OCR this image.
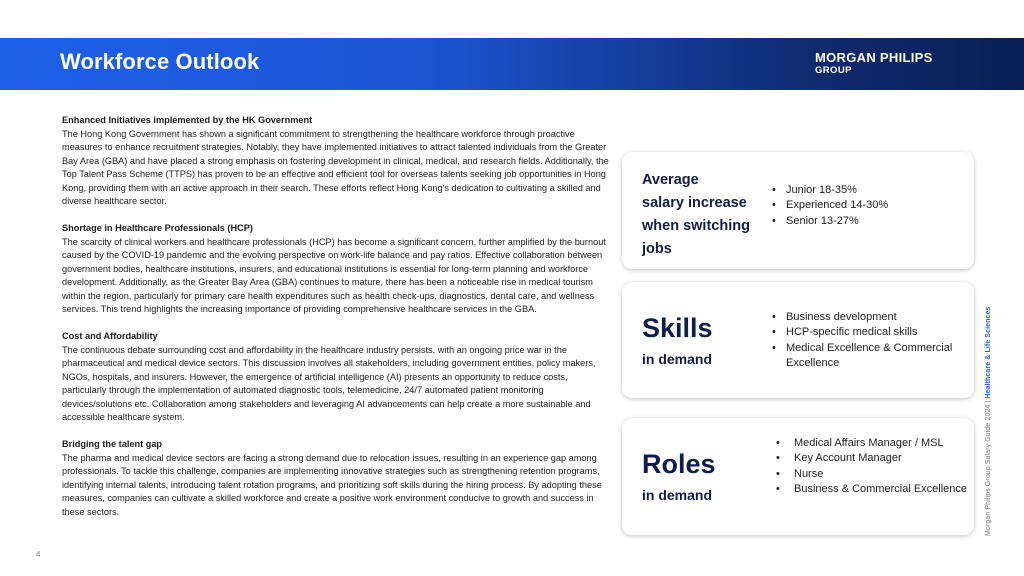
Workforce Outlook	MORGAN PHILIPS
GROUP
Enhanced Initiatives implemented by the HK Government
The Hong Kong Government has shown a significant commitment to strengthening the healthcare workforce through proactive measures to enhance recruitment strategies. Notably, they have implemented initiatives to attract talented individuals from the Greater Bay Area (GBA) and have placed a strong emphasis on fostering development in clinical, medical, and research fields. Additionally, the Top Talent Pass Scheme (TTPS) has proven to be an effective and efficient tool for overseas talents seeking job opportunities in Hong Kong, providing them with an active approach in their search. These efforts reflect Hong Kong's dedication to cultivating a skilled and diverse healthcare sector.
Shortage in Healthcare Professionals (HCP)
The scarcity of clinical workers and healthcare professionals (HCP) has become a significant concern, further amplified by the burnout caused by the COVID-19 pandemic and the evolving perspective on work-life balance and pay ratios. Effective collaboration between government bodies, healthcare institutions, insurers, and educational institutions is essential for long-term planning and workforce development. Additionally, as the Greater Bay Area (GBA) continues to mature, there has been a noticeable rise in medical tourism within the region, particularly for primary care health expenditures such as health check-ups, diagnostics, dental care, and wellness services. This trend highlights the increasing importance of providing comprehensive healthcare services in the GBA.
Cost and Affordability
The continuous debate surrounding cost and affordability in the healthcare industry persists, with an ongoing price war in the pharmaceutical and medical device sectors. This discussion involves all stakeholders, including government entities, policy makers, NGOs, hospitals, and insurers. However, the emergence of artificial intelligence (AI) presents an opportunity to reduce costs, particularly through the implementation of automated diagnostic tools, telemedicine, 24/7 automated patient monitoring devices/solutions etc. Collaboration among stakeholders and leveraging AI advancements can help create a more sustainable and accessible healthcare system.
Bridging the talent gap
The pharma and medical device sectors are facing a strong demand due to relocation issues, resulting in an experience gap among professionals. To tackle this challenge, companies are implementing innovative strategies such as strengthening retention programs, identifying internal talents, introducing talent rotation programs, and prioritizing soft skills during the hiring process. By adopting these measures, companies can cultivate a skilled workforce and create a positive work environment conducive to growth and success in these sectors.
Average
salary increase
when switching
jobs
• Junior 18-35%
• Experienced 14-30%
• Senior 13-27%
Skills
in demand
• Business development
• HCP-specific medical skills
• Medical Excellence & Commercial Excellence
Roles
in demand
• Medical Affairs Manager / MSL
• Key Account Manager
• Nurse
• Business & Commercial Excellence	Morgan Philips Group Salary Guide 2024 | Healthcare & Life Sciences
4
